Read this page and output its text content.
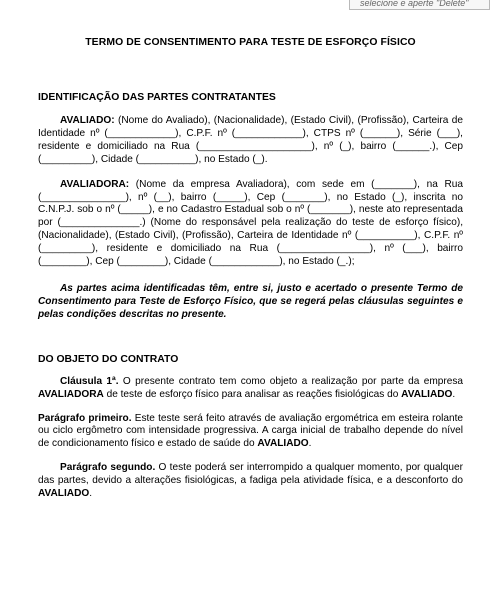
selecione e aperte "Delete"
TERMO DE CONSENTIMENTO PARA TESTE DE ESFORÇO FÍSICO
IDENTIFICAÇÃO DAS PARTES CONTRATANTES

AVALIADO: (Nome do Avaliado), (Nacionalidade), (Estado Civil), (Profissão), Carteira de Identidade nº (____________), C.P.F. nº (____________), CTPS nº (______), Série (___), residente e domiciliado na Rua (____________________), nº (_), bairro (______.), Cep (_________), Cidade (__________), no Estado (_).

AVALIADORA: (Nome da empresa Avaliadora), com sede em (_______), na Rua (_______________), nº (__), bairro (_____), Cep (_______), no Estado (_), inscrita no C.N.P.J. sob o nº (_____), e no Cadastro Estadual sob o nº (_______), neste ato representada por (______________.) (Nome do responsável pela realização do teste de esforço físico), (Nacionalidade), (Estado Civil), (Profissão), Carteira de Identidade nº (__________), C.P.F. nº (_________), residente e domiciliado na Rua (________________), nº (___), bairro (________), Cep (________), Cidade (____________), no Estado (_.);

As partes acima identificadas têm, entre si, justo e acertado o presente Termo de Consentimento para Teste de Esforço Físico, que se regerá pelas cláusulas seguintes e pelas condições descritas no presente.

DO OBJETO DO CONTRATO

Cláusula 1ª. O presente contrato tem como objeto a realização por parte da empresa AVALIADORA de teste de esforço físico para analisar as reações fisiológicas do AVALIADO.

Parágrafo primeiro. Este teste será feito através de avaliação ergométrica em esteira rolante ou ciclo ergômetro com intensidade progressiva. A carga inicial de trabalho depende do nível de condicionamento físico e estado de saúde do AVALIADO.

Parágrafo segundo. O teste poderá ser interrompido a qualquer momento, por qualquer das partes, devido a alterações fisiológicas, a fadiga pela atividade física, e a desconforto do AVALIADO.
